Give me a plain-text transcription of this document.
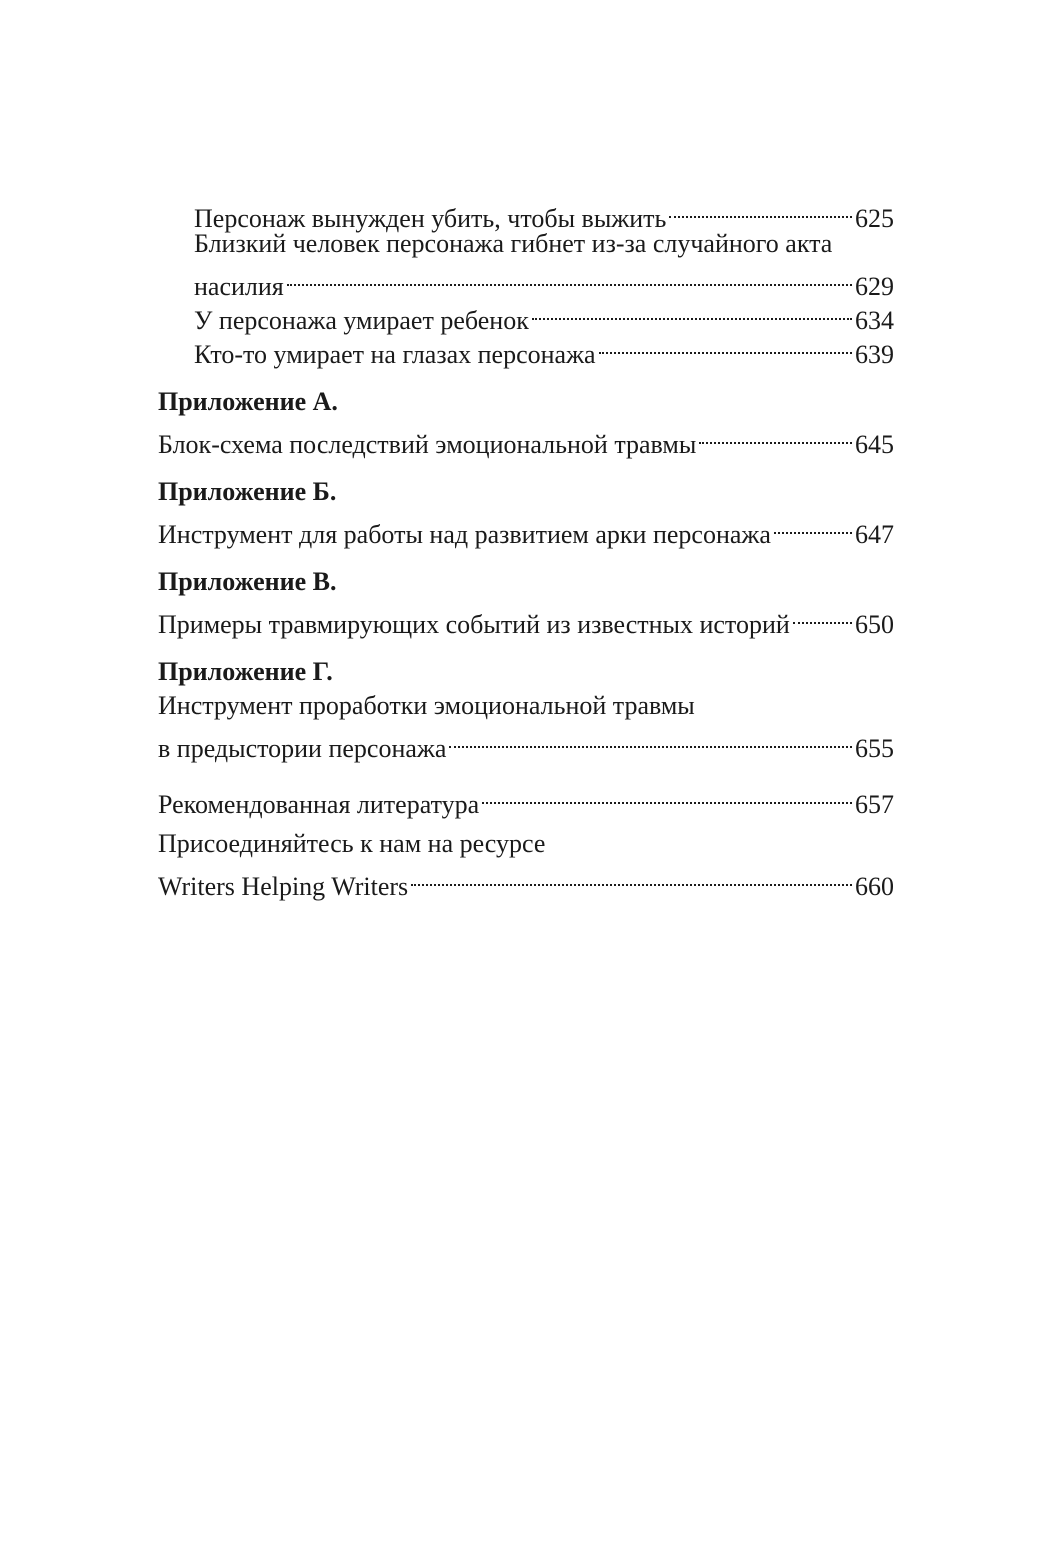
Персонаж вынужден убить, чтобы выжить	625
Близкий человек персонажа гибнет из-за случайного акта
насилия	629
У персонажа умирает ребенок	634
Кто-то умирает на глазах персонажа	639
Приложение А.
Блок-схема последствий эмоциональной травмы	645
Приложение Б.
Инструмент для работы над развитием арки персонажа	647
Приложение В.
Примеры травмирующих событий из известных историй	650
Приложение Г.
Инструмент проработки эмоциональной травмы
в предыстории персонажа	655
Рекомендованная литература	657
Присоединяйтесь к нам на ресурсе
Writers Helping Writers	660
